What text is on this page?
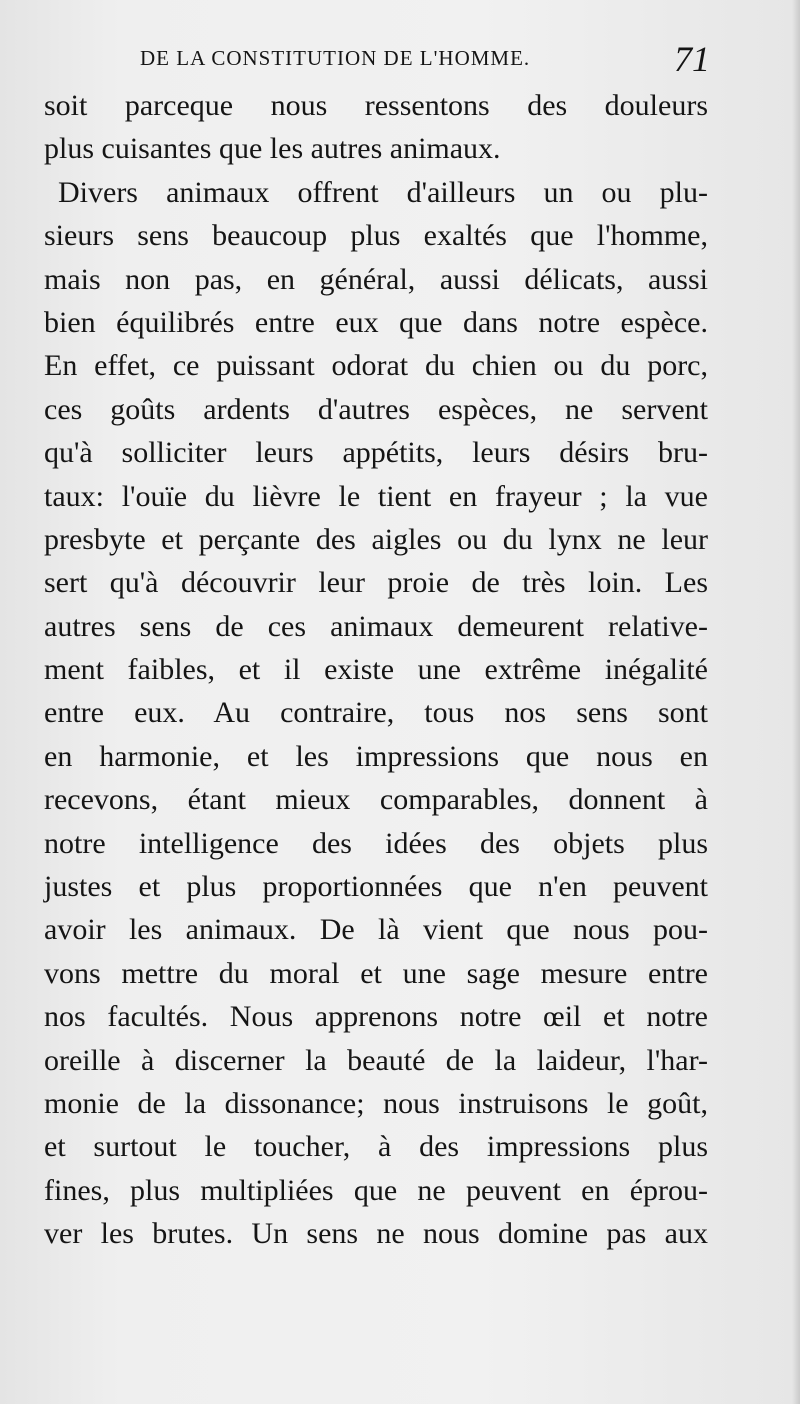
DE LA CONSTITUTION DE L'HOMME.	71
soit parceque nous ressentons des douleurs
plus cuisantes que les autres animaux.
Divers animaux offrent d'ailleurs un ou plu-
sieurs sens beaucoup plus exaltés que l'homme,
mais non pas, en général, aussi délicats, aussi
bien équilibrés entre eux que dans notre espèce.
En effet, ce puissant odorat du chien ou du porc,
ces goûts ardents d'autres espèces, ne servent
qu'à solliciter leurs appétits, leurs désirs bru-
taux: l'ouïe du lièvre le tient en frayeur ; la vue
presbyte et perçante des aigles ou du lynx ne leur
sert qu'à découvrir leur proie de très loin. Les
autres sens de ces animaux demeurent relative-
ment faibles, et il existe une extrême inégalité
entre eux. Au contraire, tous nos sens sont
en harmonie, et les impressions que nous en
recevons, étant mieux comparables, donnent à
notre intelligence des idées des objets plus
justes et plus proportionnées que n'en peuvent
avoir les animaux. De là vient que nous pou-
vons mettre du moral et une sage mesure entre
nos facultés. Nous apprenons notre œil et notre
oreille à discerner la beauté de la laideur, l'har-
monie de la dissonance; nous instruisons le goût,
et surtout le toucher, à des impressions plus
fines, plus multipliées que ne peuvent en éprou-
ver les brutes. Un sens ne nous domine pas aux
